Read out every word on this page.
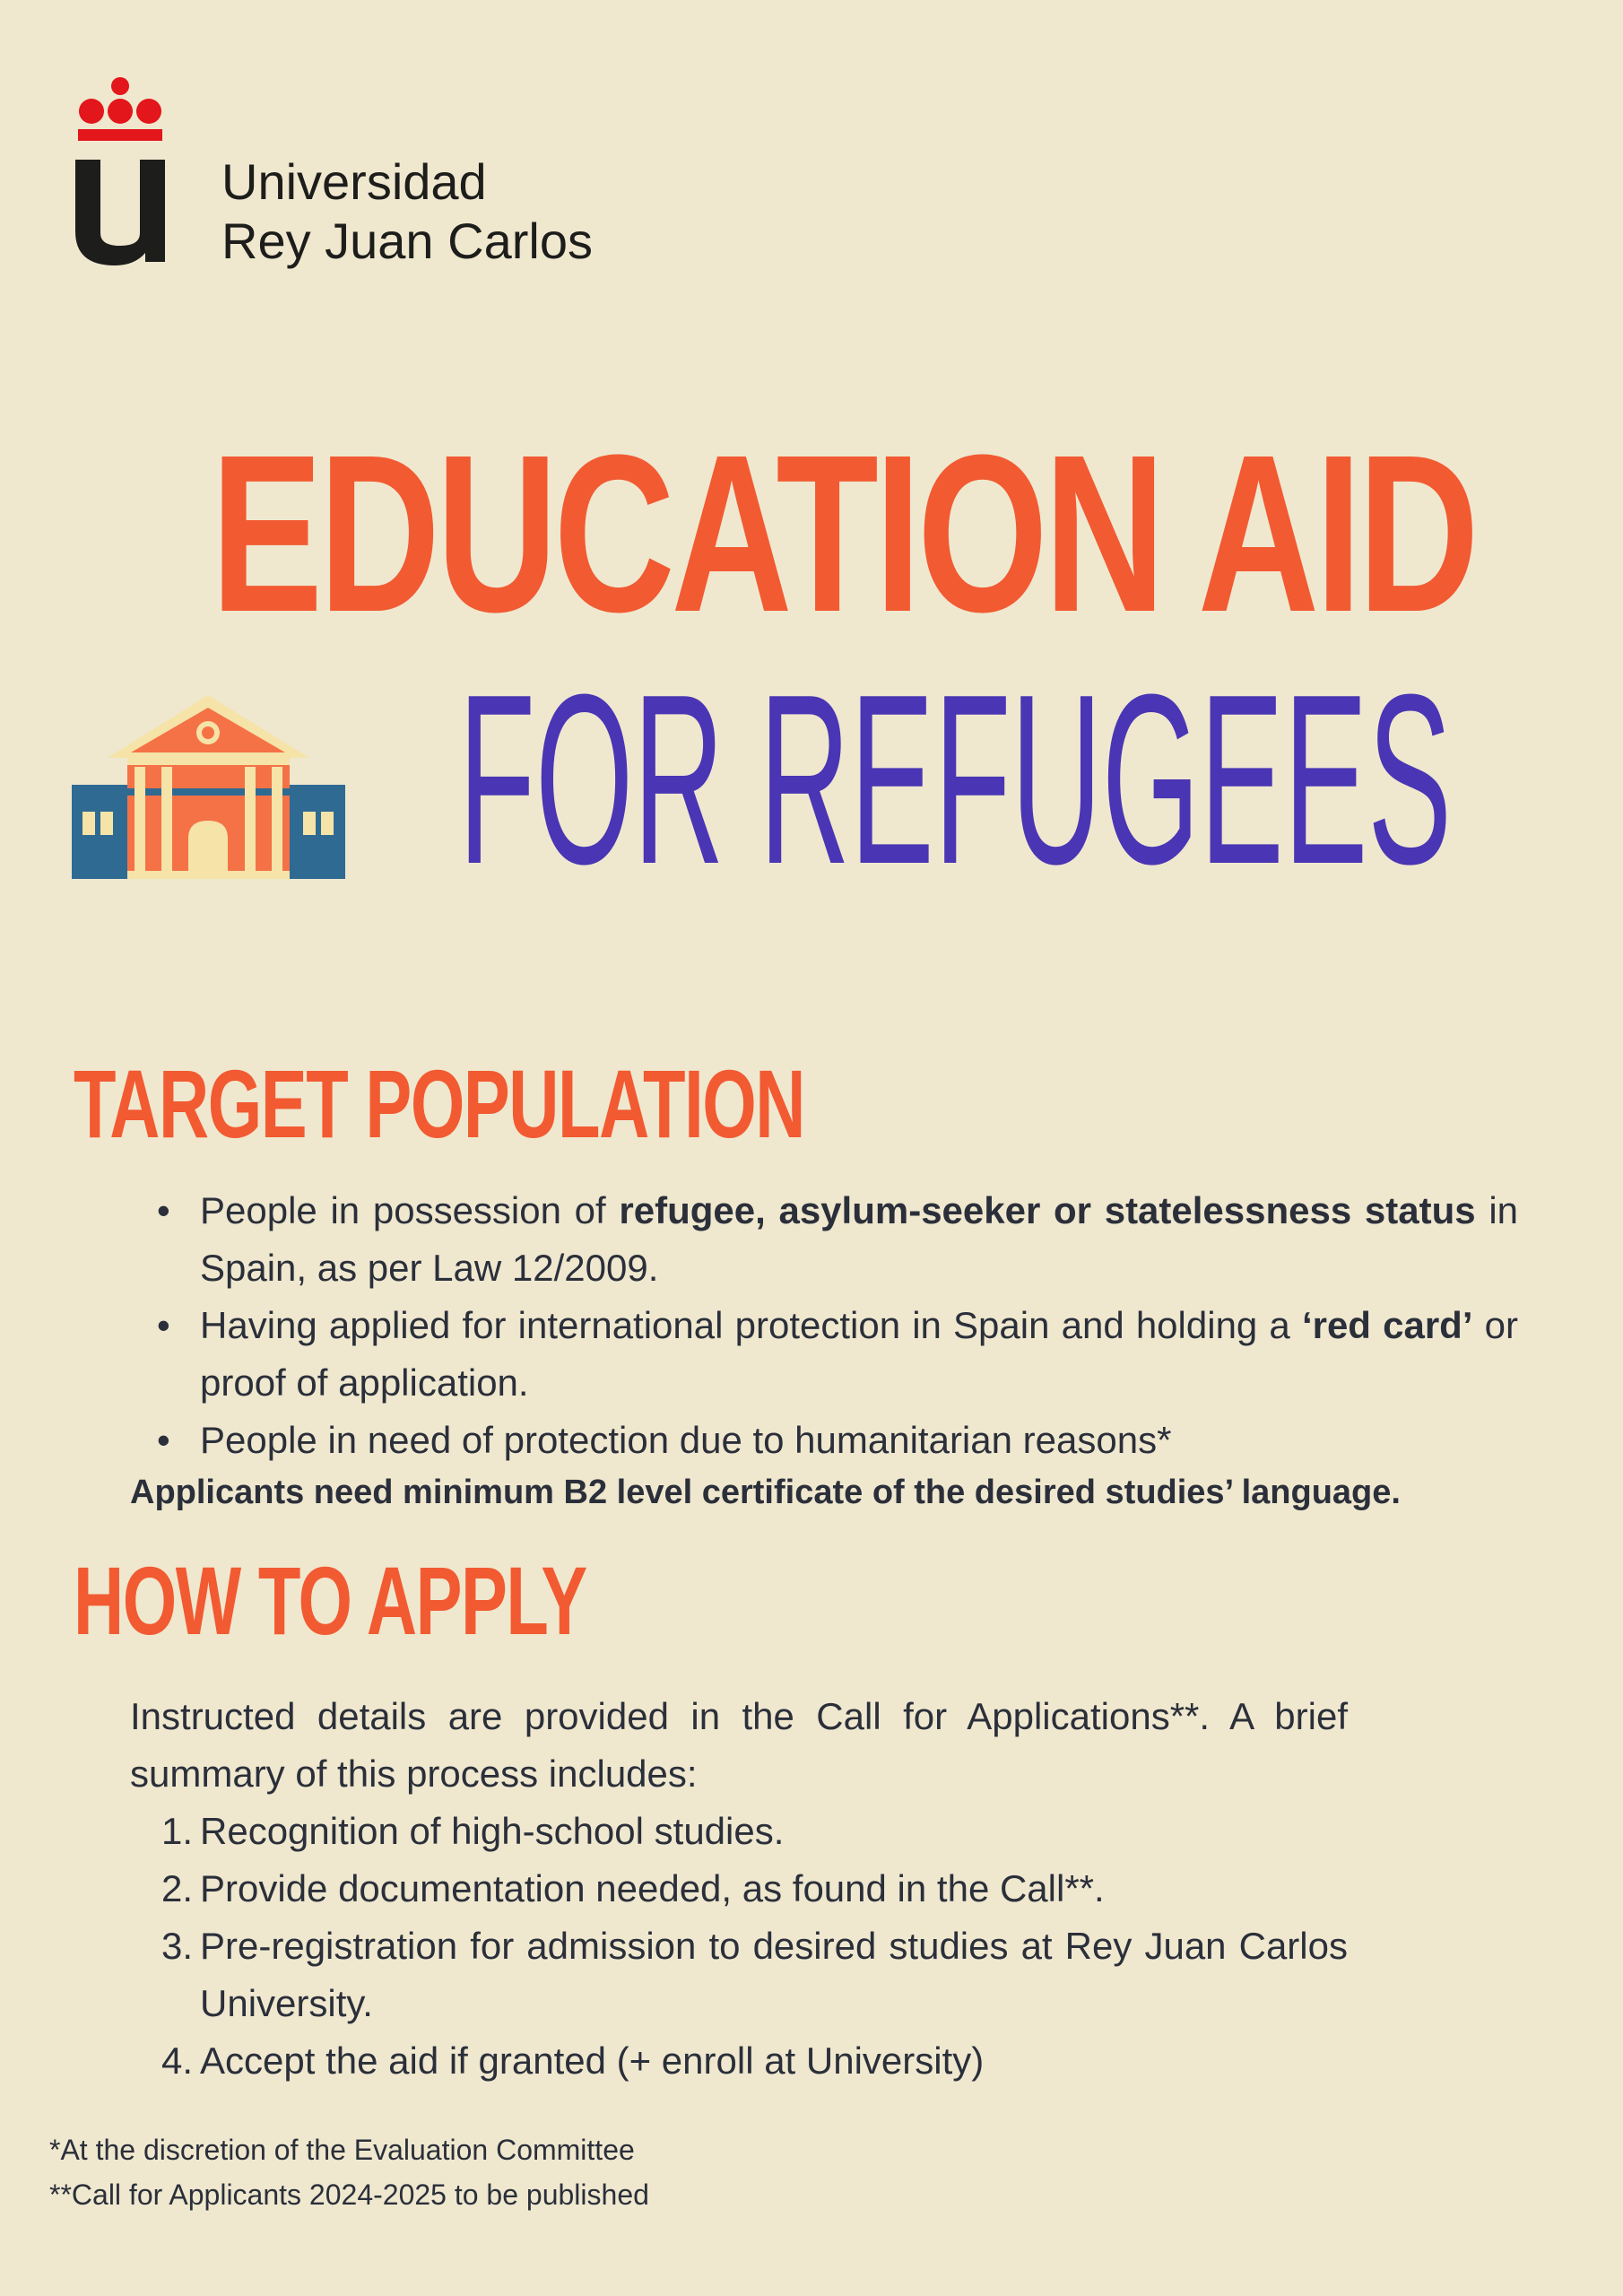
Universidad
Rey Juan Carlos
EDUCATION AID
FOR REFUGEES
TARGET POPULATION
• People in possession of refugee, asylum-seeker or statelessness status in Spain, as per Law 12/2009.
• Having applied for international protection in Spain and holding a ‘red card’ or proof of application.
• People in need of protection due to humanitarian reasons*
Applicants need minimum B2 level certificate of the desired studies’ language.
HOW TO APPLY
Instructed details are provided in the Call for Applications**. A brief summary of this process includes:
1. Recognition of high-school studies.
2. Provide documentation needed, as found in the Call**.
3. Pre-registration for admission to desired studies at Rey Juan Carlos University.
4. Accept the aid if granted (+ enroll at University)
*At the discretion of the Evaluation Committee
**Call for Applicants 2024-2025 to be published
